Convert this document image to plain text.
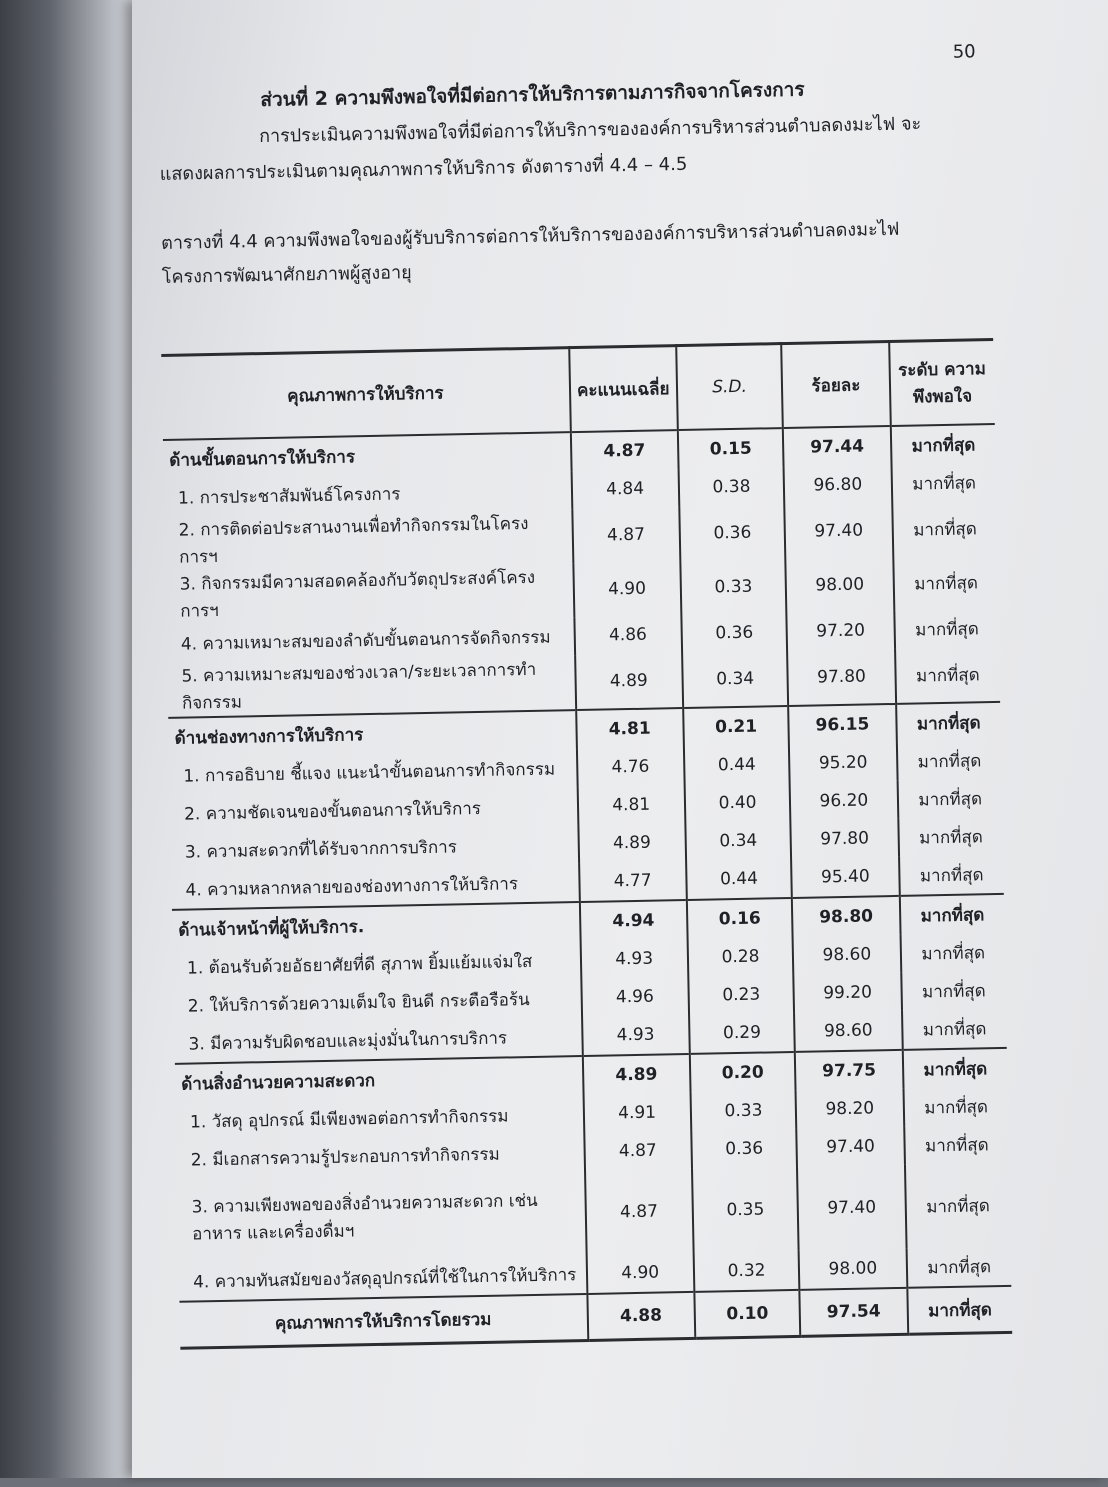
50
ส่วนที่ 2 ความพึงพอใจที่มีต่อการให้บริการตามภารกิจจากโครงการ
การประเมินความพึงพอใจที่มีต่อการให้บริการขององค์การบริหารส่วนตำบลดงมะไฟ จะ
แสดงผลการประเมินตามคุณภาพการให้บริการ ดังตารางที่ 4.4 – 4.5
ตารางที่ 4.4 ความพึงพอใจของผู้รับบริการต่อการให้บริการขององค์การบริหารส่วนตำบลดงมะไฟ
โครงการพัฒนาศักยภาพผู้สูงอายุ
คุณภาพการให้บริการ	คะแนนเฉลี่ย	S.D.	ร้อยละ	ระดับ ความพึงพอใจ
ด้านขั้นตอนการให้บริการ	4.87	0.15	97.44	มากที่สุด
1. การประชาสัมพันธ์โครงการ	4.84	0.38	96.80	มากที่สุด
2. การติดต่อประสานงานเพื่อทำกิจกรรมในโครงการฯ	4.87	0.36	97.40	มากที่สุด
3. กิจกรรมมีความสอดคล้องกับวัตถุประสงค์โครงการฯ	4.90	0.33	98.00	มากที่สุด
4. ความเหมาะสมของลำดับขั้นตอนการจัดกิจกรรม	4.86	0.36	97.20	มากที่สุด
5. ความเหมาะสมของช่วงเวลา/ระยะเวลาการทำกิจกรรม	4.89	0.34	97.80	มากที่สุด
ด้านช่องทางการให้บริการ	4.81	0.21	96.15	มากที่สุด
1. การอธิบาย ชี้แจง แนะนำขั้นตอนการทำกิจกรรม	4.76	0.44	95.20	มากที่สุด
2. ความชัดเจนของขั้นตอนการให้บริการ	4.81	0.40	96.20	มากที่สุด
3. ความสะดวกที่ได้รับจากการบริการ	4.89	0.34	97.80	มากที่สุด
4. ความหลากหลายของช่องทางการให้บริการ	4.77	0.44	95.40	มากที่สุด
ด้านเจ้าหน้าที่ผู้ให้บริการ.	4.94	0.16	98.80	มากที่สุด
1. ต้อนรับด้วยอัธยาศัยที่ดี สุภาพ ยิ้มแย้มแจ่มใส	4.93	0.28	98.60	มากที่สุด
2. ให้บริการด้วยความเต็มใจ ยินดี กระตือรือร้น	4.96	0.23	99.20	มากที่สุด
3. มีความรับผิดชอบและมุ่งมั่นในการบริการ	4.93	0.29	98.60	มากที่สุด
ด้านสิ่งอำนวยความสะดวก	4.89	0.20	97.75	มากที่สุด
1. วัสดุ อุปกรณ์ มีเพียงพอต่อการทำกิจกรรม	4.91	0.33	98.20	มากที่สุด
2. มีเอกสารความรู้ประกอบการทำกิจกรรม	4.87	0.36	97.40	มากที่สุด
3. ความเพียงพอของสิ่งอำนวยความสะดวก เช่น อาหาร และเครื่องดื่มฯ	4.87	0.35	97.40	มากที่สุด
4. ความทันสมัยของวัสดุอุปกรณ์ที่ใช้ในการให้บริการ	4.90	0.32	98.00	มากที่สุด
คุณภาพการให้บริการโดยรวม	4.88	0.10	97.54	มากที่สุด
